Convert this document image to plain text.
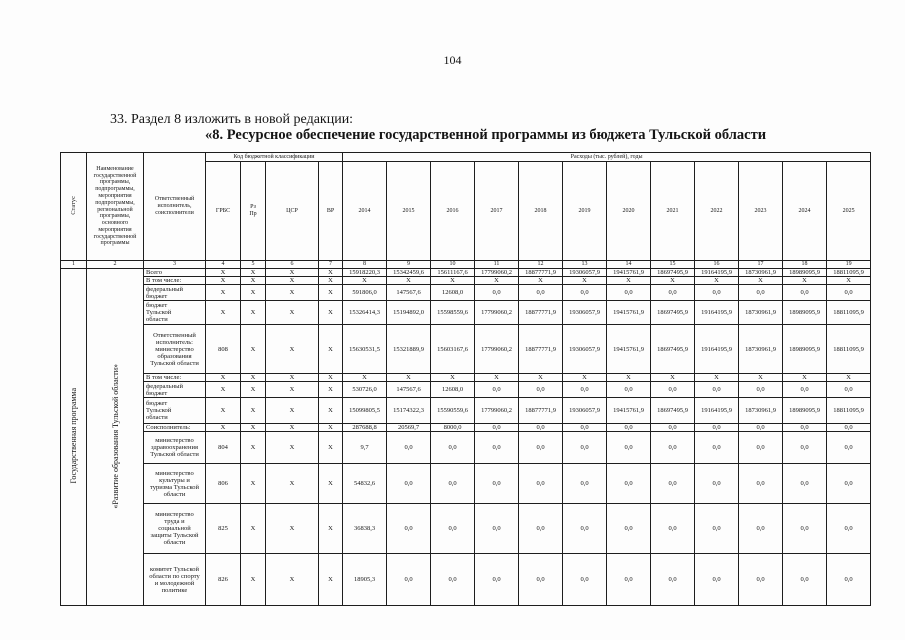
104
33. Раздел 8 изложить в новой редакции:
«8. Ресурсное обеспечение государственной программы из бюджета Тульской области
Статус	Наименование государственной программы, подпрограммы, мероприятия подпрограммы, региональной программы, основного мероприятия государственной программы	Ответственный исполнитель, соисполнители	Код бюджетной классификации				Расходы (тыс. рублей), годы											
			ГРБС	Рз Пр	ЦСР	ВР	2014	2015	2016	2017	2018	2019	2020	2021	2022	2023	2024	2025
1	2	3	4	5	6	7	8	9	10	11	12	13	14	15	16	17	18	19
Государственная программа	«Развитие образования Тульской области»	Всего	X	X	X	X	15918220,3	15342459,6	15611167,6	17799060,2	18877771,9	19306057,9	19415761,9	18697495,9	19164195,9	18730961,9	18989095,9	18811095,9
		В том числе:	X	X	X	X	X	X	X	X	X	X	X	X	X	X	X	X
		федеральный бюджет	X	X	X	X	591806,0	147567,6	12608,0	0,0	0,0	0,0	0,0	0,0	0,0	0,0	0,0	0,0
		бюджет Тульской области	X	X	X	X	15326414,3	15194892,0	15598559,6	17799060,2	18877771,9	19306057,9	19415761,9	18697495,9	19164195,9	18730961,9	18989095,9	18811095,9
		Ответственный исполнитель: министерство образования Тульской области	808	X	X	X	15630531,5	15321889,9	15603167,6	17799060,2	18877771,9	19306057,9	19415761,9	18697495,9	19164195,9	18730961,9	18989095,9	18811095,9
		В том числе:	X	X	X	X	X	X	X	X	X	X	X	X	X	X	X	X
		федеральный бюджет	X	X	X	X	530726,0	147567,6	12608,0	0,0	0,0	0,0	0,0	0,0	0,0	0,0	0,0	0,0
		бюджет Тульской области	X	X	X	X	15099805,5	15174322,3	15590559,6	17799060,2	18877771,9	19306057,9	19415761,9	18697495,9	19164195,9	18730961,9	18989095,9	18811095,9
		Соисполнитель:	X	X	X	X	287688,8	20569,7	8000,0	0,0	0,0	0,0	0,0	0,0	0,0	0,0	0,0	0,0
		министерство здравоохранения Тульской области	804	X	X	X	9,7	0,0	0,0	0,0	0,0	0,0	0,0	0,0	0,0	0,0	0,0	0,0
		министерство культуры и туризма Тульской области	806	X	X	X	54832,6	0,0	0,0	0,0	0,0	0,0	0,0	0,0	0,0	0,0	0,0	0,0
		министерство труда и социальной защиты Тульской области	825	X	X	X	36838,3	0,0	0,0	0,0	0,0	0,0	0,0	0,0	0,0	0,0	0,0	0,0
		комитет Тульской области по спорту и молодежной политике	826	X	X	X	18905,3	0,0	0,0	0,0	0,0	0,0	0,0	0,0	0,0	0,0	0,0	0,0
